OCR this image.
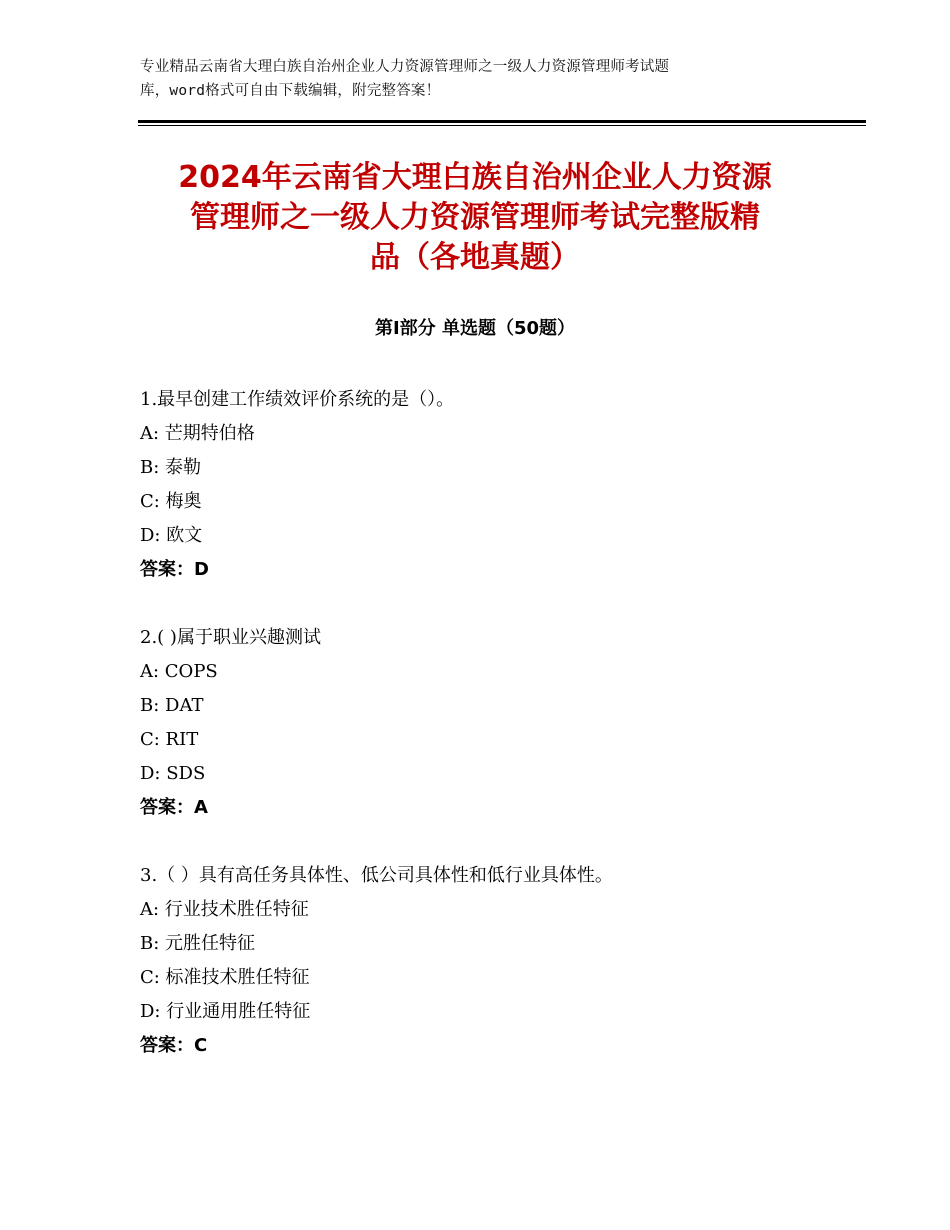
专业精品云南省大理白族自治州企业人力资源管理师之一级人力资源管理师考试题
库，word格式可自由下载编辑，附完整答案！
2024年云南省大理白族自治州企业人力资源
管理师之一级人力资源管理师考试完整版精
品（各地真题）
第Ⅰ部分 单选题（50题）
1.最早创建工作绩效评价系统的是（）。
A: 芒期特伯格
B: 泰勒
C: 梅奥
D: 欧文
答案：D
2.( )属于职业兴趣测试
A: COPS
B: DAT
C: RIT
D: SDS
答案：A
3.（ ）具有高任务具体性、低公司具体性和低行业具体性。
A: 行业技术胜任特征
B: 元胜任特征
C: 标准技术胜任特征
D: 行业通用胜任特征
答案：C
